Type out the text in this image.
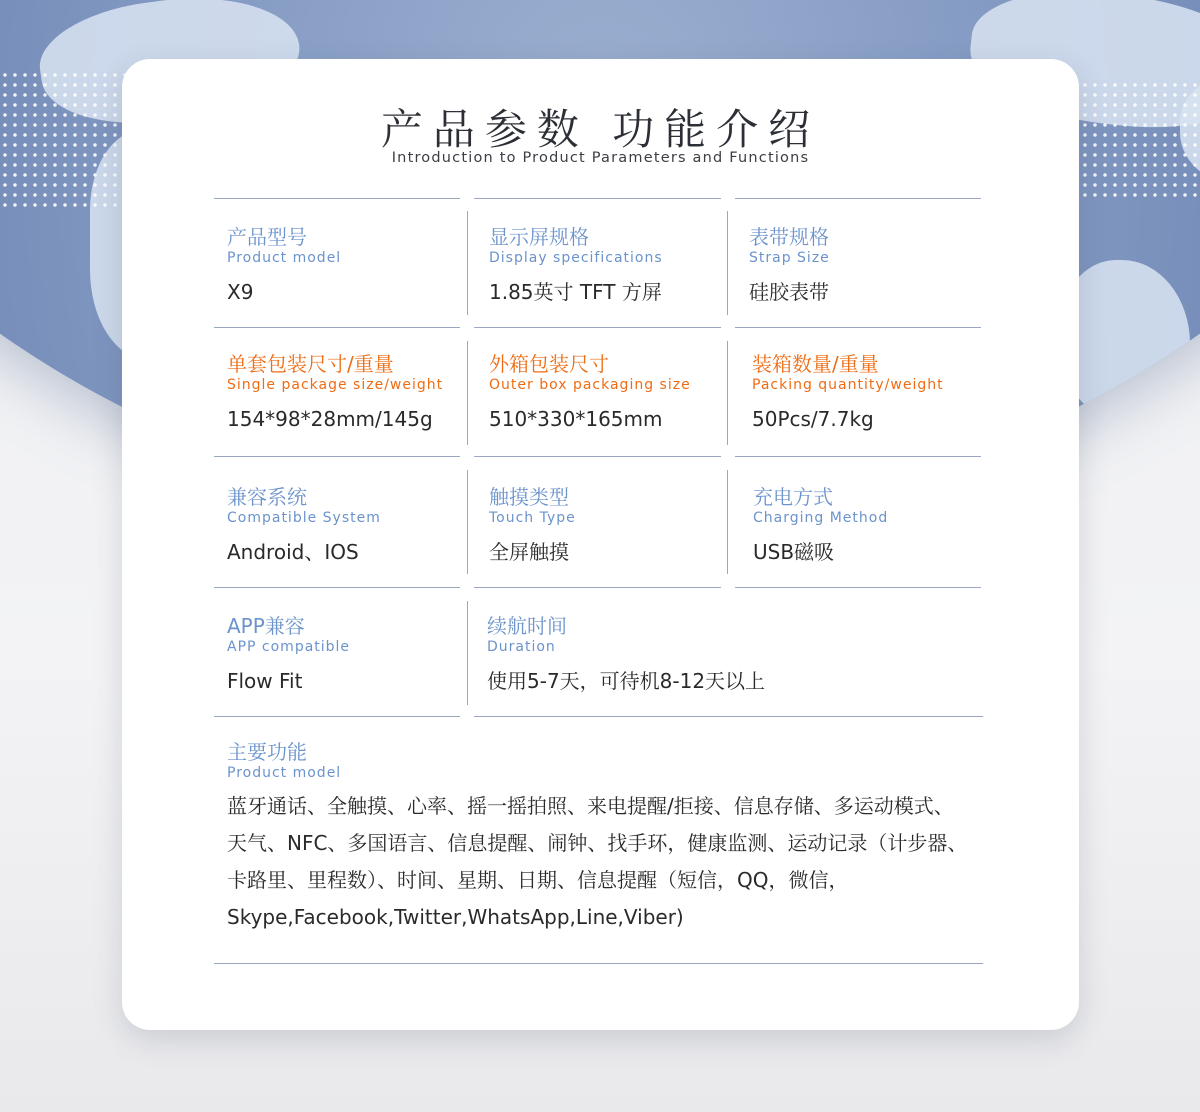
产品参数 功能介绍
Introduction to Product Parameters and Functions
产品型号
Product model
X9
显示屏规格
Display specifications
1.85英寸 TFT 方屏
表带规格
Strap Size
硅胶表带
单套包装尺寸/重量
Single package size/weight
154*98*28mm/145g
外箱包装尺寸
Outer box packaging size
510*330*165mm
装箱数量/重量
Packing quantity/weight
50Pcs/7.7kg
兼容系统
Compatible System
Android、IOS
触摸类型
Touch Type
全屏触摸
充电方式
Charging Method
USB磁吸
APP兼容
APP compatible
Flow Fit
续航时间
Duration
使用5-7天，可待机8-12天以上
主要功能
Product model
蓝牙通话、全触摸、心率、摇一摇拍照、来电提醒/拒接、信息存储、多运动模式、天气、NFC、多国语言、信息提醒、闹钟、找手环，健康监测、运动记录（计步器、卡路里、里程数）、时间、星期、日期、信息提醒（短信，QQ，微信，Skype,Facebook,Twitter,WhatsApp,Line,Viber)
